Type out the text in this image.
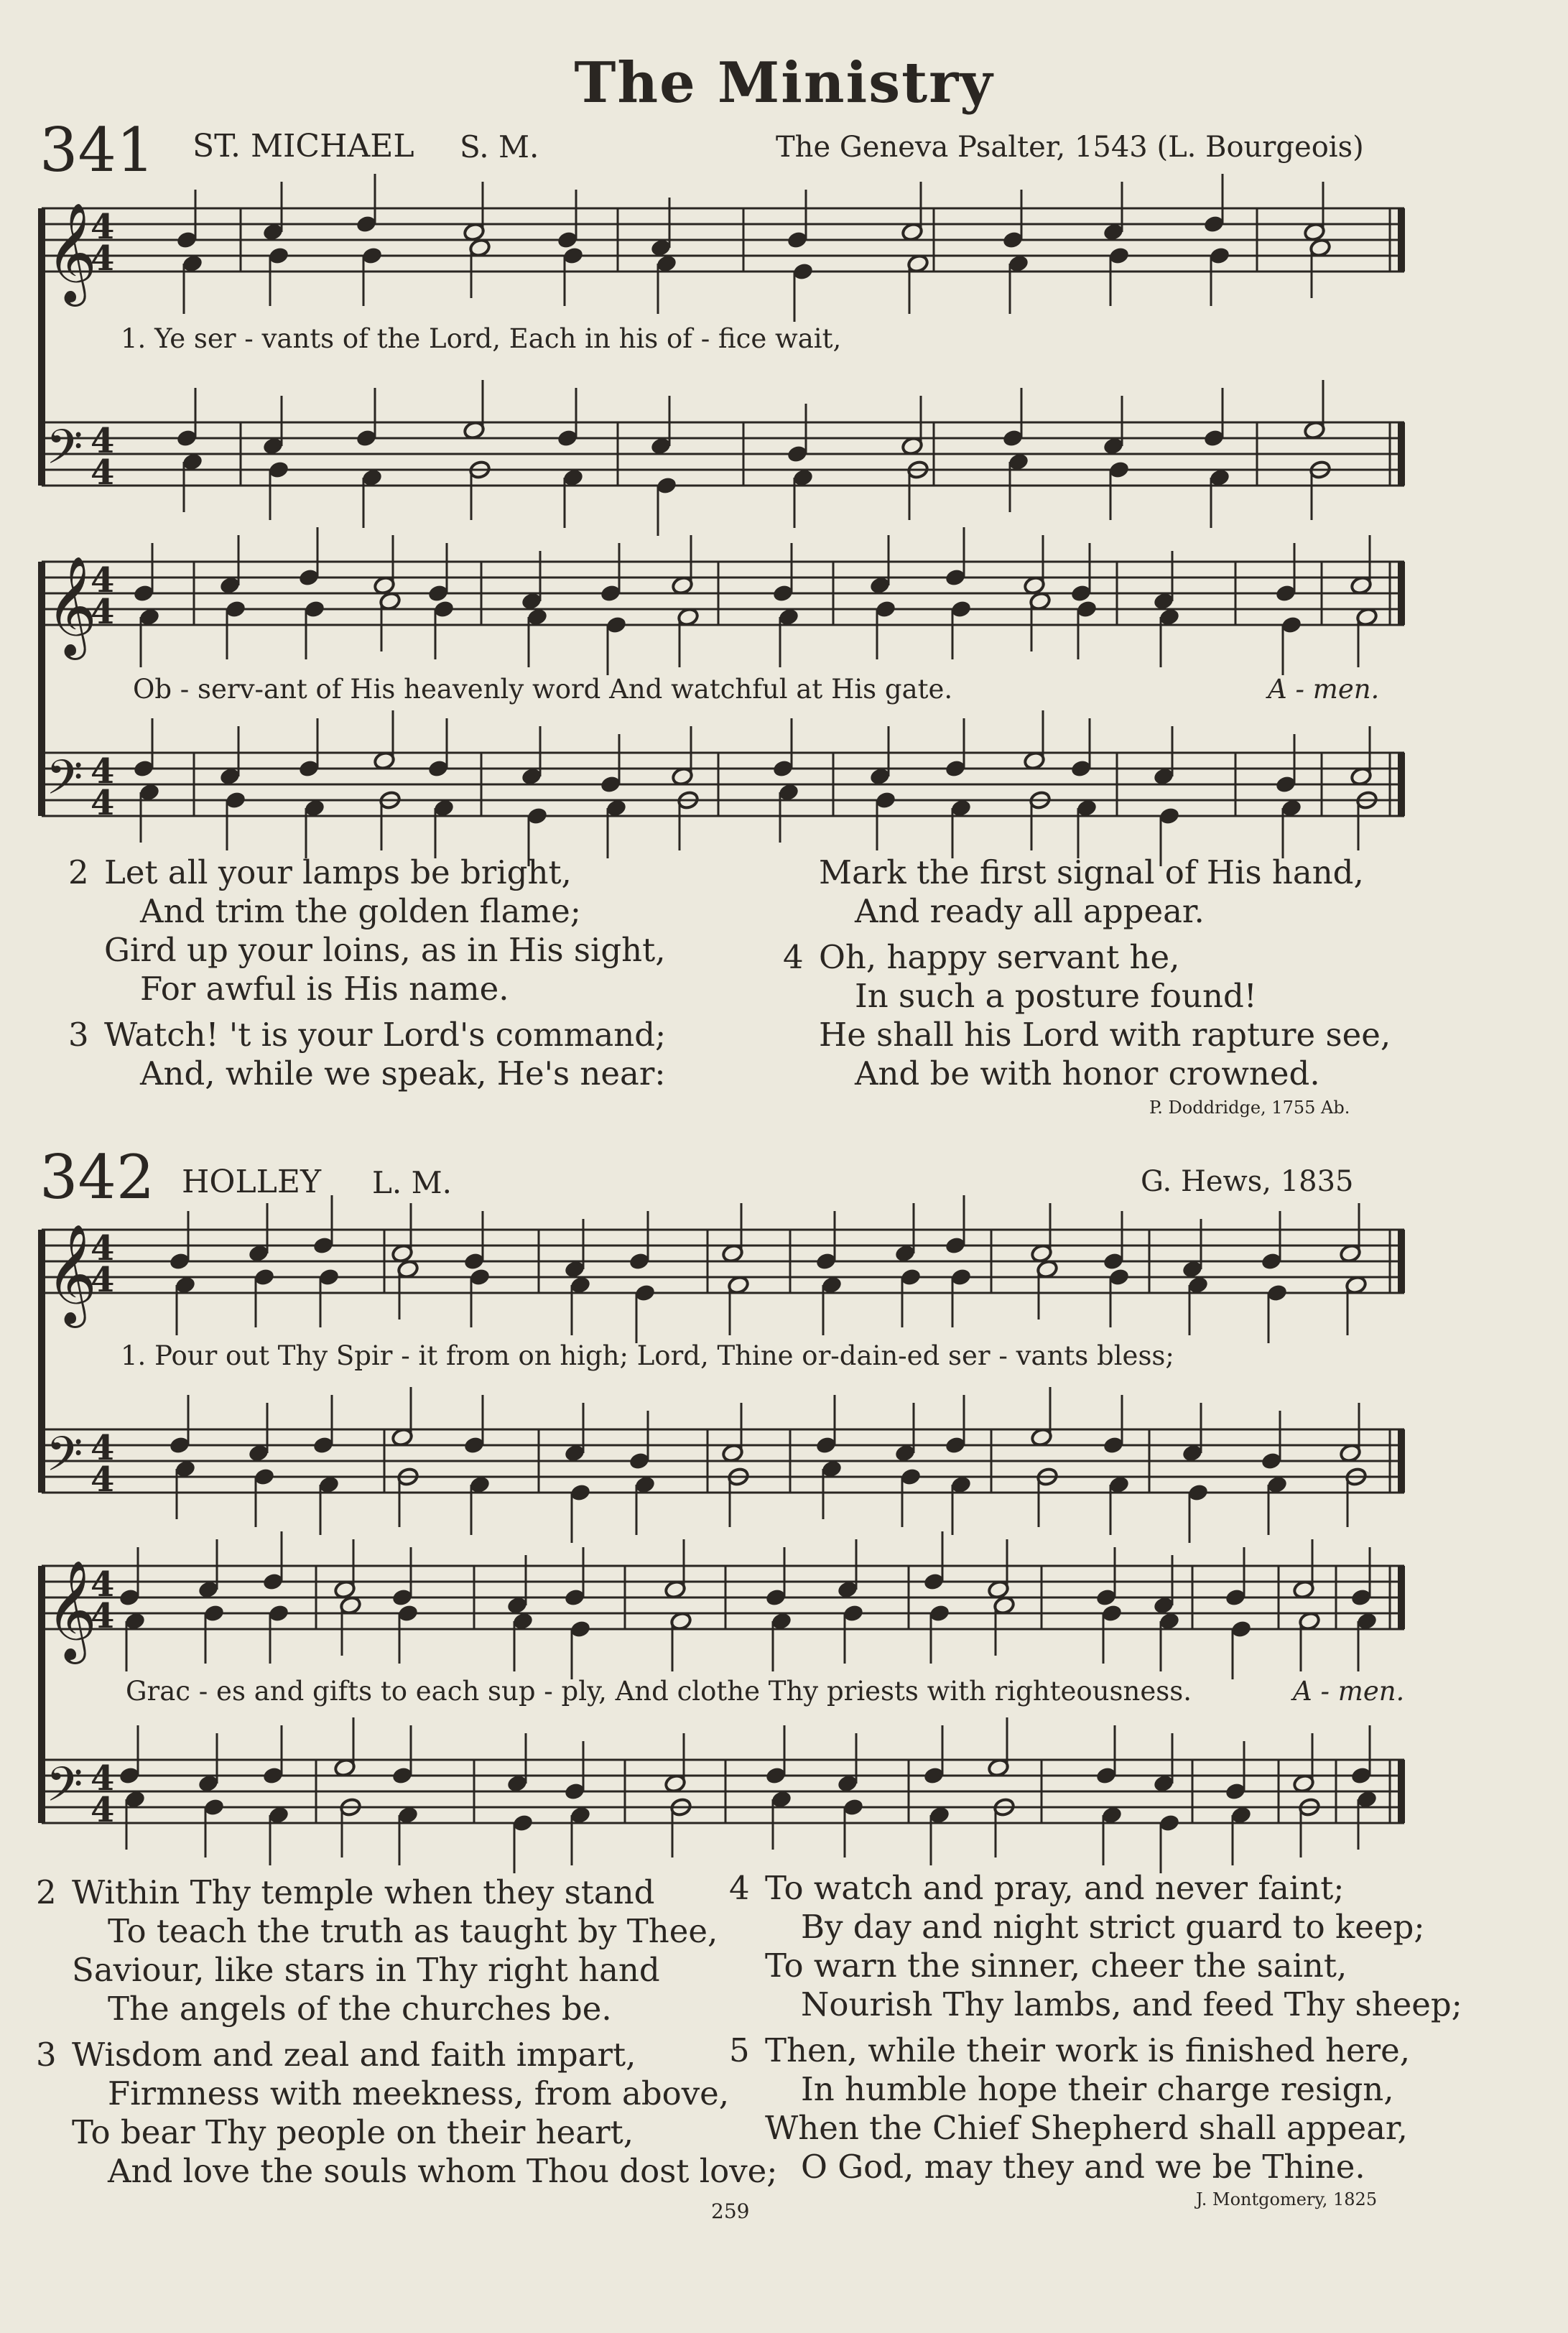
The Ministry
341 ST. MICHAEL S. M.	The Geneva Psalter, 1543 (L. Bourgeois)
1. Ye ser - vants of the Lord, Each in his of - fice wait,
Ob - serv-ant of His heavenly word And watchful at His gate.	A - men.
2 Let all your lamps be bright,
And trim the golden flame;
Gird up your loins, as in His sight,
For awful is His name.
3 Watch! 't is your Lord's command;
And, while we speak, He's near:
Mark the first signal of His hand,
And ready all appear.
4 Oh, happy servant he,
In such a posture found!
He shall his Lord with rapture see,
And be with honor crowned.
P. Doddridge, 1755 Ab.
342 HOLLEY L. M.	G. Hews, 1835
1. Pour out Thy Spir - it from on high; Lord, Thine or-dain-ed ser - vants bless;
Grac - es and gifts to each sup - ply, And clothe Thy priests with righteousness.	A - men.
2 Within Thy temple when they stand
To teach the truth as taught by Thee,
Saviour, like stars in Thy right hand
The angels of the churches be.
3 Wisdom and zeal and faith impart,
Firmness with meekness, from above,
To bear Thy people on their heart,
And love the souls whom Thou dost love;
4 To watch and pray, and never faint;
By day and night strict guard to keep;
To warn the sinner, cheer the saint,
Nourish Thy lambs, and feed Thy sheep;
5 Then, while their work is finished here,
In humble hope their charge resign,
When the Chief Shepherd shall appear,
O God, may they and we be Thine.
J. Montgomery, 1825
259
𝄞
4
4
𝄢 4
4
𝄞
4
4
𝄢 4
4
𝄞
4
4
𝄢 4
4
𝄞
4
4
𝄢 4
4
